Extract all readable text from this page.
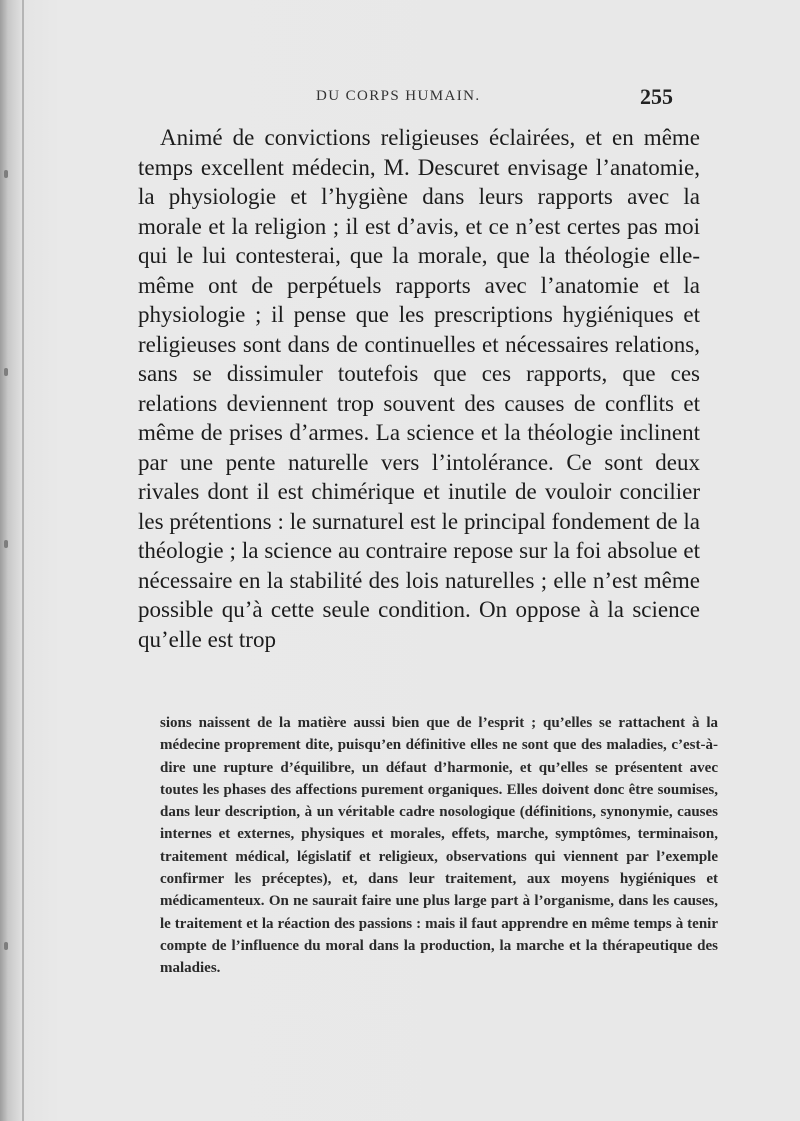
DU CORPS HUMAIN.	255

Animé de convictions religieuses éclairées, et en même temps excellent médecin, M. Descuret envisage l’anatomie, la physiologie et l’hygiène dans leurs rapports avec la morale et la religion ; il est d’avis, et ce n’est certes pas moi qui le lui contesterai, que la morale, que la théologie elle-même ont de perpétuels rapports avec l’anatomie et la physiologie ; il pense que les prescriptions hygiéniques et religieuses sont dans de continuelles et nécessaires relations, sans se dissimuler toutefois que ces rapports, que ces relations deviennent trop souvent des causes de conflits et même de prises d’armes. La science et la théologie inclinent par une pente naturelle vers l’intolérance. Ce sont deux rivales dont il est chimérique et inutile de vouloir concilier les prétentions : le surnaturel est le principal fondement de la théologie ; la science au contraire repose sur la foi absolue et nécessaire en la stabilité des lois naturelles ; elle n’est même possible qu’à cette seule condition. On oppose à la science qu’elle est trop

sions naissent de la matière aussi bien que de l’esprit ; qu’elles se rattachent à la médecine proprement dite, puisqu’en définitive elles ne sont que des maladies, c’est-à-dire une rupture d’équilibre, un défaut d’harmonie, et qu’elles se présentent avec toutes les phases des affections purement organiques. Elles doivent donc être soumises, dans leur description, à un véritable cadre nosologique (définitions, synonymie, causes internes et externes, physiques et morales, effets, marche, symptômes, terminaison, traitement médical, législatif et religieux, observations qui viennent par l’exemple confirmer les préceptes), et, dans leur traitement, aux moyens hygiéniques et médicamenteux. On ne saurait faire une plus large part à l’organisme, dans les causes, le traitement et la réaction des passions : mais il faut apprendre en même temps à tenir compte de l’influence du moral dans la production, la marche et la thérapeutique des maladies.
